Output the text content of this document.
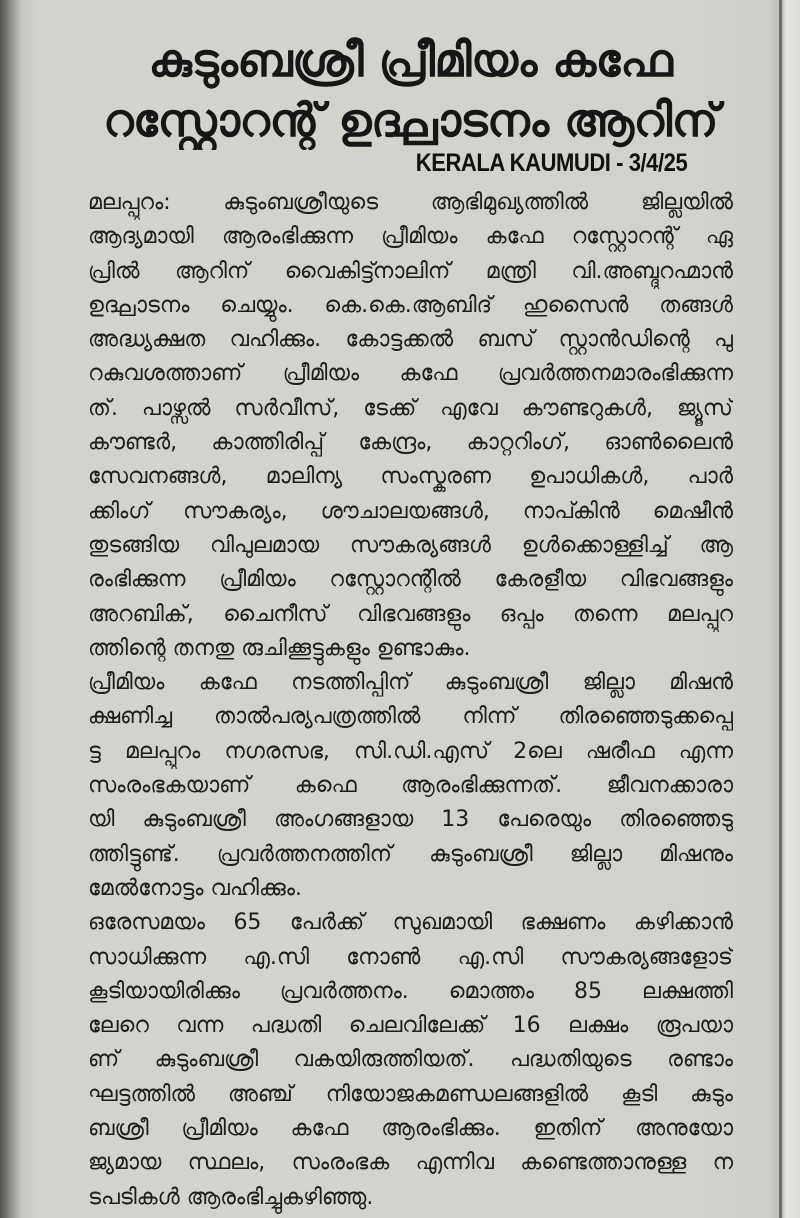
കുടുംബശ്രീ പ്രീമിയം കഫേ
റസ്റ്റോറന്റ് ഉദ്ഘാടനം ആറിന്
KERALA KAUMUDI - 3/4/25

മലപ്പുറം: കുടുംബശ്രീയുടെ ആഭിമുഖ്യത്തിൽ ജില്ലയിൽ
ആദ്യമായി ആരംഭിക്കുന്ന പ്രീമിയം കഫേ റസ്റ്റോറന്റ് ഏ
പ്രിൽ ആറിന് വൈകിട്ട്നാലിന് മന്ത്രി വി.അബ്ദുറഹ്മാൻ
ഉദ്ഘാടനം ചെയ്യും. കെ.കെ.ആബിദ് ഹുസൈൻ തങ്ങൾ
അദ്ധ്യക്ഷത വഹിക്കും. കോട്ടക്കൽ ബസ് സ്റ്റാൻഡിന്റെ പു
റകുവശത്താണ് പ്രീമിയം കഫേ പ്രവർത്തനമാരംഭിക്കുന്ന
ത്. പാഴ്സൽ സർവീസ്, ടേക്ക് എവേ കൗണ്ടറുകൾ, ജ്യൂസ്
കൗണ്ടർ, കാത്തിരിപ്പ് കേന്ദ്രം, കാറ്ററിംഗ്, ഓൺലൈൻ
സേവനങ്ങൾ, മാലിന്യ സംസ്കരണ ഉപാധികൾ, പാർ
ക്കിംഗ് സൗകര്യം, ശൗചാലയങ്ങൾ, നാപ്കിൻ മെഷീൻ
തുടങ്ങിയ വിപുലമായ സൗകര്യങ്ങൾ ഉൾക്കൊള്ളിച്ച് ആ
രംഭിക്കുന്ന പ്രീമിയം റസ്റ്റോറന്റിൽ കേരളീയ വിഭവങ്ങളും
അറബിക്, ചൈനീസ് വിഭവങ്ങളും ഒപ്പം തന്നെ മലപ്പുറ
ത്തിന്റെ തനതു രുചിക്കൂട്ടുകളും ഉണ്ടാകും.

പ്രീമിയം കഫേ നടത്തിപ്പിന് കുടുംബശ്രീ ജില്ലാ മിഷൻ
ക്ഷണിച്ച താൽപര്യപത്രത്തിൽ നിന്ന് തിരഞ്ഞെടുക്കപ്പെ
ട്ട മലപ്പുറം നഗരസഭ, സി.ഡി.എസ് 2ലെ ഷരീഫ എന്ന
സംരംഭകയാണ് കഫെ ആരംഭിക്കുന്നത്. ജീവനക്കാരാ
യി കുടുംബശ്രീ അംഗങ്ങളായ 13 പേരെയും തിരഞ്ഞെടു
ത്തിട്ടുണ്ട്. പ്രവർത്തനത്തിന് കുടുംബശ്രീ ജില്ലാ മിഷനും
മേൽനോട്ടം വഹിക്കും.

ഒരേസമയം 65 പേർക്ക് സുഖമായി ഭക്ഷണം കഴിക്കാൻ
സാധിക്കുന്ന എ.സി നോൺ എ.സി സൗകര്യങ്ങളോട്
കൂടിയായിരിക്കും പ്രവർത്തനം. മൊത്തം 85 ലക്ഷത്തി
ലേറെ വന്ന പദ്ധതി ചെലവിലേക്ക് 16 ലക്ഷം രൂപയാ
ണ് കുടുംബശ്രീ വകയിരുത്തിയത്. പദ്ധതിയുടെ രണ്ടാം
ഘട്ടത്തിൽ അഞ്ച് നിയോജകമണ്ഡലങ്ങളിൽ കൂടി കുടും
ബശ്രീ പ്രീമിയം കഫേ ആരംഭിക്കും. ഇതിന് അനുയോ
ജ്യമായ സ്ഥലം, സംരംഭക എന്നിവ കണ്ടെത്താനുള്ള ന
ടപടികൾ ആരംഭിച്ചുകഴിഞ്ഞു.
